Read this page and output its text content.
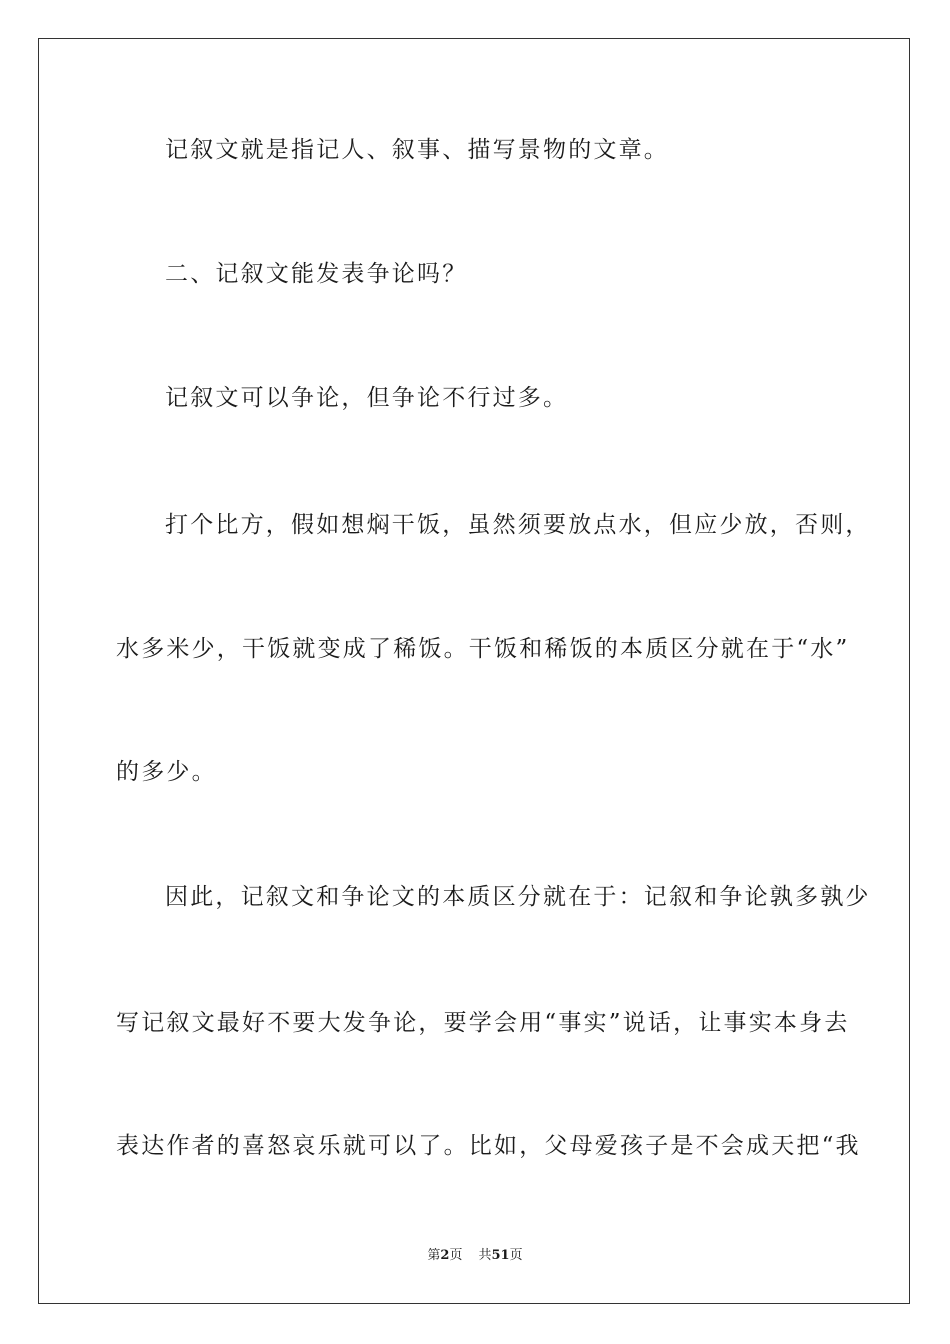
记叙文就是指记人、叙事、描写景物的文章。
二、记叙文能发表争论吗？
记叙文可以争论，但争论不行过多。
打个比方，假如想焖干饭，虽然须要放点水，但应少放，否则，
水多米少，干饭就变成了稀饭。干饭和稀饭的本质区分就在于“水”
的多少。
因此，记叙文和争论文的本质区分就在于：记叙和争论孰多孰少
写记叙文最好不要大发争论，要学会用“事实”说话，让事实本身去
表达作者的喜怒哀乐就可以了。比如，父母爱孩子是不会成天把“我
第2页 共51页
